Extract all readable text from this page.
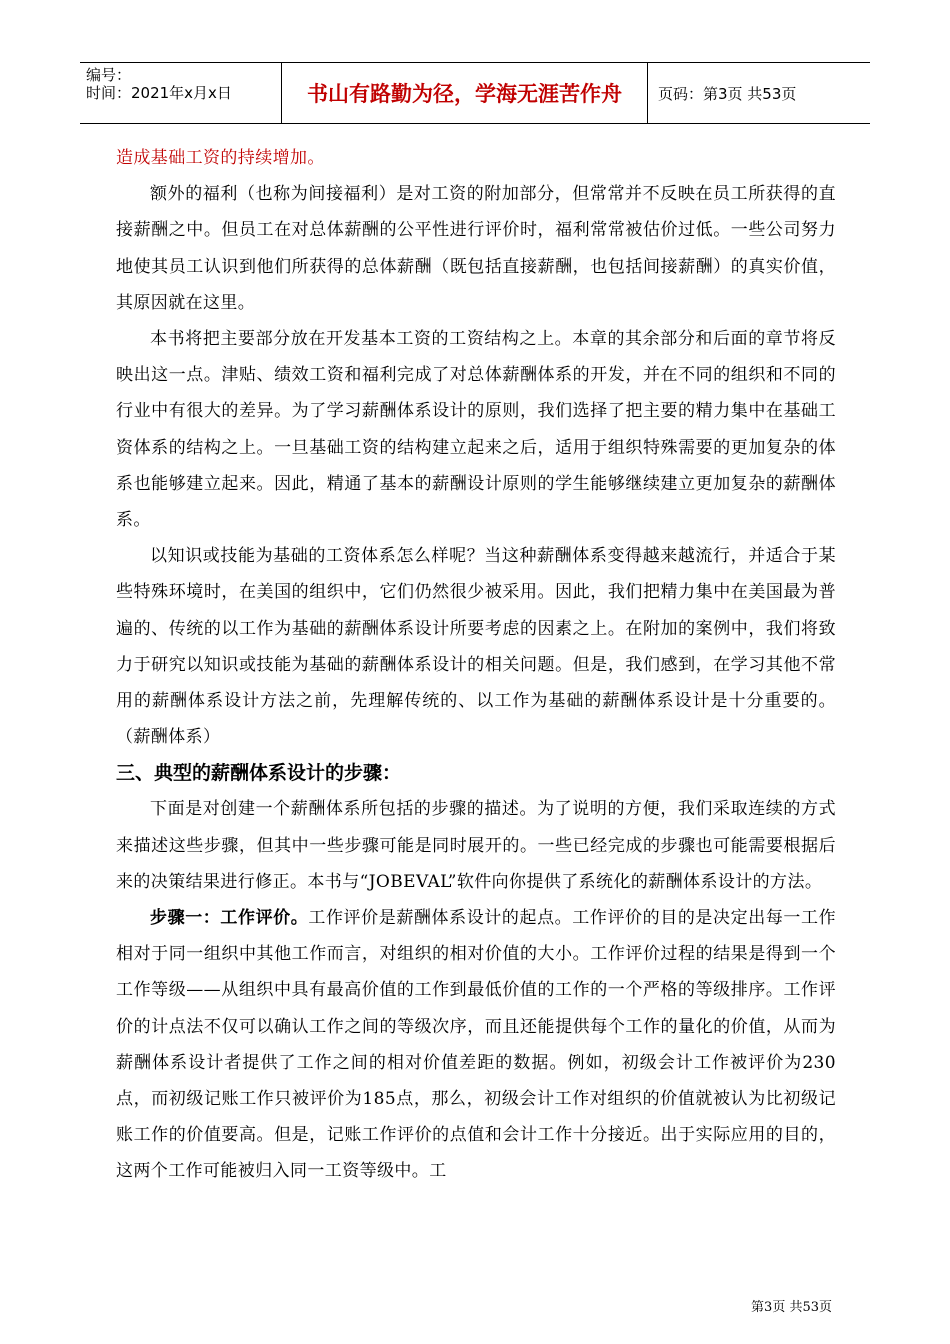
编号：
时间：2021年x月x日	书山有路勤为径，学海无涯苦作舟	页码：第3页 共53页

造成基础工资的持续增加。

额外的福利（也称为间接福利）是对工资的附加部分，但常常并不反映在员工所获得的直接薪酬之中。但员工在对总体薪酬的公平性进行评价时，福利常常被估价过低。一些公司努力地使其员工认识到他们所获得的总体薪酬（既包括直接薪酬，也包括间接薪酬）的真实价值，其原因就在这里。

本书将把主要部分放在开发基本工资的工资结构之上。本章的其余部分和后面的章节将反映出这一点。津贴、绩效工资和福利完成了对总体薪酬体系的开发，并在不同的组织和不同的行业中有很大的差异。为了学习薪酬体系设计的原则，我们选择了把主要的精力集中在基础工资体系的结构之上。一旦基础工资的结构建立起来之后，适用于组织特殊需要的更加复杂的体系也能够建立起来。因此，精通了基本的薪酬设计原则的学生能够继续建立更加复杂的薪酬体系。

以知识或技能为基础的工资体系怎么样呢？当这种薪酬体系变得越来越流行，并适合于某些特殊环境时，在美国的组织中，它们仍然很少被采用。因此，我们把精力集中在美国最为普遍的、传统的以工作为基础的薪酬体系设计所要考虑的因素之上。在附加的案例中，我们将致力于研究以知识或技能为基础的薪酬体系设计的相关问题。但是，我们感到，在学习其他不常用的薪酬体系设计方法之前，先理解传统的、以工作为基础的薪酬体系设计是十分重要的。（薪酬体系）

三、典型的薪酬体系设计的步骤：

下面是对创建一个薪酬体系所包括的步骤的描述。为了说明的方便，我们采取连续的方式来描述这些步骤，但其中一些步骤可能是同时展开的。一些已经完成的步骤也可能需要根据后来的决策结果进行修正。本书与“JOBEVAL”软件向你提供了系统化的薪酬体系设计的方法。

步骤一：工作评价。工作评价是薪酬体系设计的起点。工作评价的目的是决定出每一工作相对于同一组织中其他工作而言，对组织的相对价值的大小。工作评价过程的结果是得到一个工作等级——从组织中具有最高价值的工作到最低价值的工作的一个严格的等级排序。工作评价的计点法不仅可以确认工作之间的等级次序，而且还能提供每个工作的量化的价值，从而为薪酬体系设计者提供了工作之间的相对价值差距的数据。例如，初级会计工作被评价为230点，而初级记账工作只被评价为185点，那么，初级会计工作对组织的价值就被认为比初级记账工作的价值要高。但是，记账工作评价的点值和会计工作十分接近。出于实际应用的目的，这两个工作可能被归入同一工资等级中。工

第3页 共53页
